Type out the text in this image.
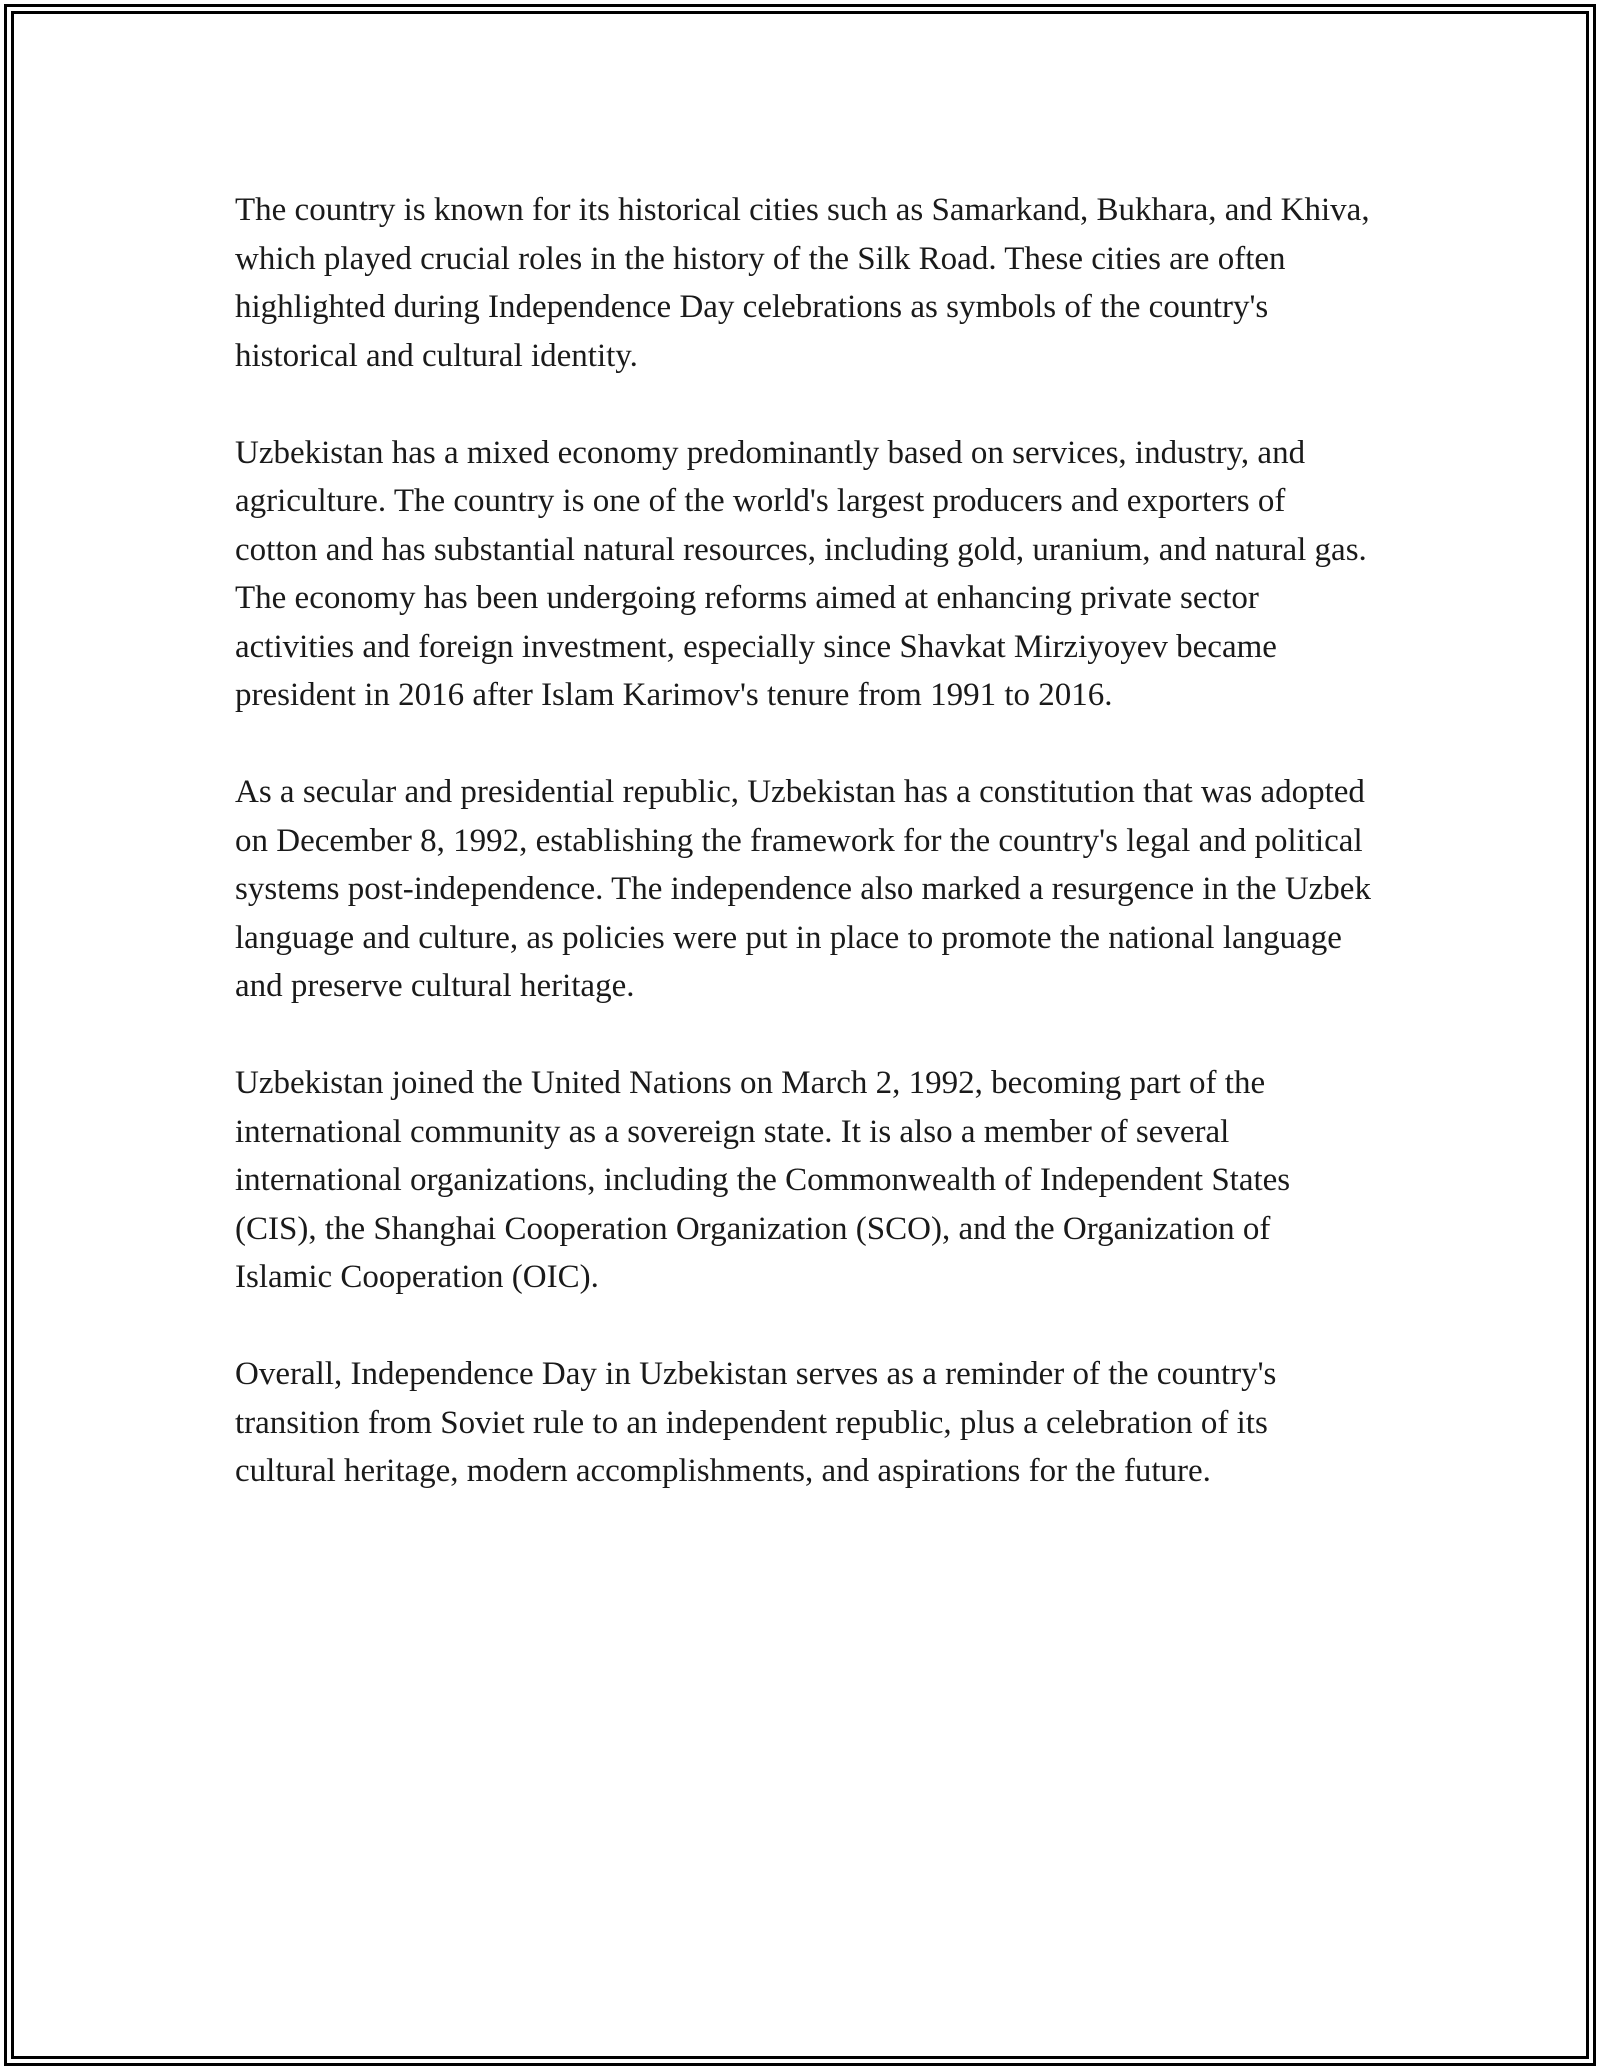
The country is known for its historical cities such as Samarkand, Bukhara, and Khiva, which played crucial roles in the history of the Silk Road. These cities are often highlighted during Independence Day celebrations as symbols of the country's historical and cultural identity.

Uzbekistan has a mixed economy predominantly based on services, industry, and agriculture. The country is one of the world's largest producers and exporters of cotton and has substantial natural resources, including gold, uranium, and natural gas. The economy has been undergoing reforms aimed at enhancing private sector activities and foreign investment, especially since Shavkat Mirziyoyev became president in 2016 after Islam Karimov's tenure from 1991 to 2016.

As a secular and presidential republic, Uzbekistan has a constitution that was adopted on December 8, 1992, establishing the framework for the country's legal and political systems post-independence. The independence also marked a resurgence in the Uzbek language and culture, as policies were put in place to promote the national language and preserve cultural heritage.

Uzbekistan joined the United Nations on March 2, 1992, becoming part of the international community as a sovereign state. It is also a member of several international organizations, including the Commonwealth of Independent States (CIS), the Shanghai Cooperation Organization (SCO), and the Organization of Islamic Cooperation (OIC).

Overall, Independence Day in Uzbekistan serves as a reminder of the country's transition from Soviet rule to an independent republic, plus a celebration of its cultural heritage, modern accomplishments, and aspirations for the future.
